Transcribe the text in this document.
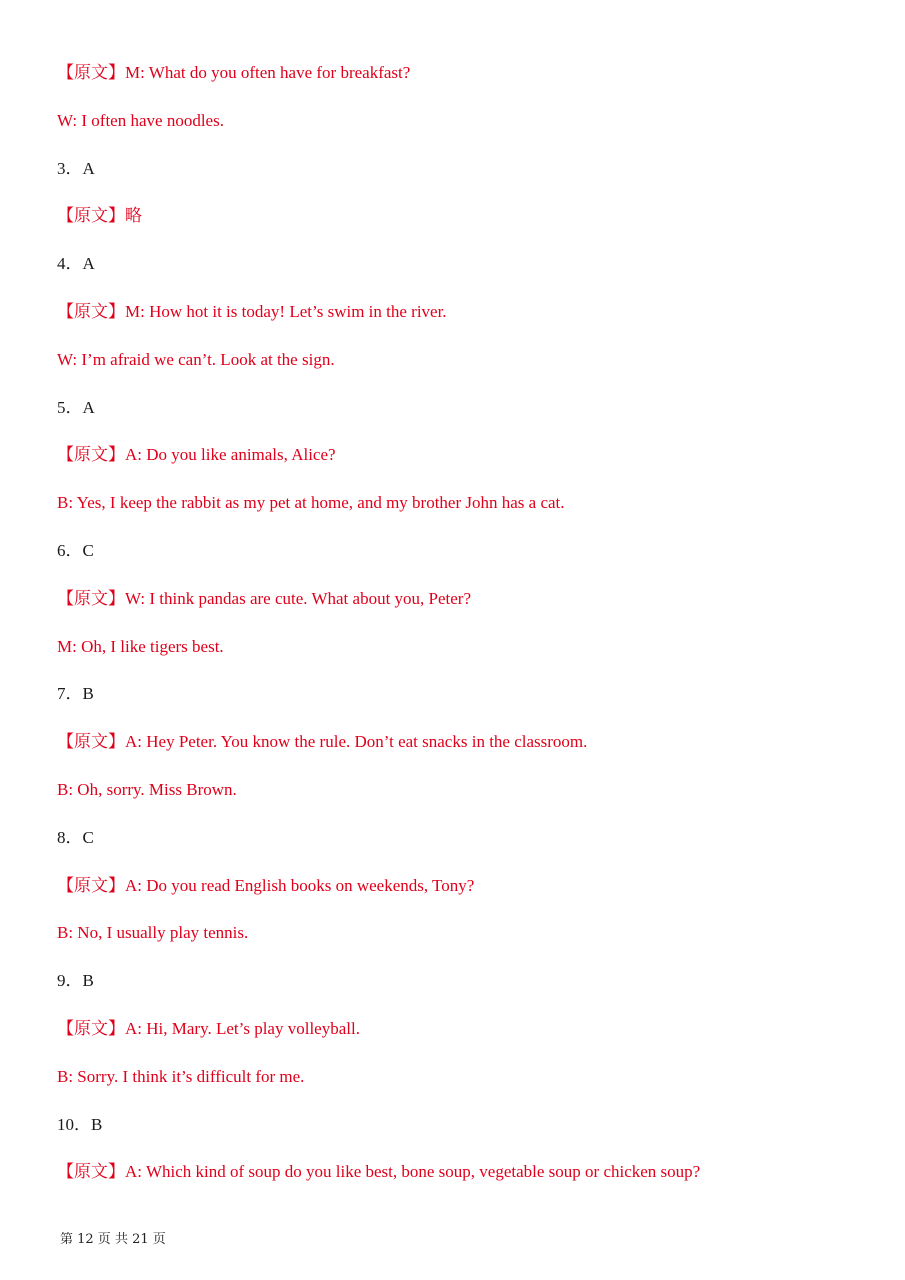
【原文】M: What do you often have for breakfast?
W: I often have noodles.
3．A
【原文】略
4．A
【原文】M: How hot it is today! Let’s swim in the river.
W: I’m afraid we can’t. Look at the sign.
5．A
【原文】A: Do you like animals, Alice?
B: Yes, I keep the rabbit as my pet at home, and my brother John has a cat.
6．C
【原文】W: I think pandas are cute. What about you, Peter?
M: Oh, I like tigers best.
7．B
【原文】A: Hey Peter. You know the rule. Don’t eat snacks in the classroom.
B: Oh, sorry. Miss Brown.
8．C
【原文】A: Do you read English books on weekends, Tony?
B: No, I usually play tennis.
9．B
【原文】A: Hi, Mary. Let’s play volleyball.
B: Sorry. I think it’s difficult for me.
10．B
【原文】A: Which kind of soup do you like best, bone soup, vegetable soup or chicken soup?
第 12 页 共 21 页
